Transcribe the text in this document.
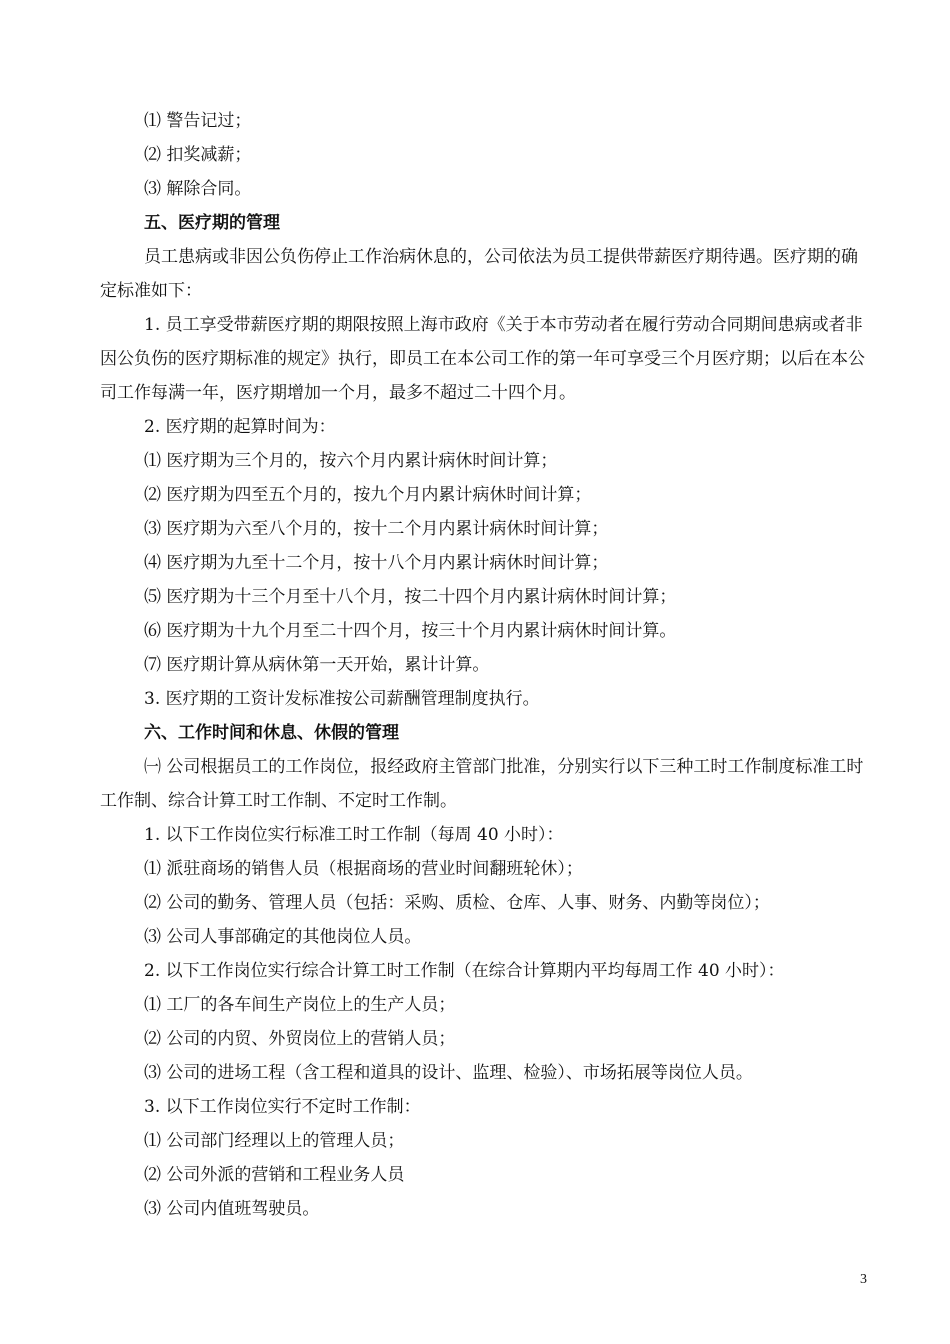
⑴ 警告记过；

⑵ 扣奖减薪；

⑶ 解除合同。

五、医疗期的管理

员工患病或非因公负伤停止工作治病休息的，公司依法为员工提供带薪医疗期待遇。医疗期的确定标准如下：

1. 员工享受带薪医疗期的期限按照上海市政府《关于本市劳动者在履行劳动合同期间患病或者非因公负伤的医疗期标准的规定》执行，即员工在本公司工作的第一年可享受三个月医疗期；以后在本公司工作每满一年，医疗期增加一个月，最多不超过二十四个月。

2. 医疗期的起算时间为：

⑴ 医疗期为三个月的，按六个月内累计病休时间计算；

⑵ 医疗期为四至五个月的，按九个月内累计病休时间计算；

⑶ 医疗期为六至八个月的，按十二个月内累计病休时间计算；

⑷ 医疗期为九至十二个月，按十八个月内累计病休时间计算；

⑸ 医疗期为十三个月至十八个月，按二十四个月内累计病休时间计算；

⑹ 医疗期为十九个月至二十四个月，按三十个月内累计病休时间计算。

⑺ 医疗期计算从病休第一天开始，累计计算。

3. 医疗期的工资计发标准按公司薪酬管理制度执行。

六、工作时间和休息、休假的管理

㈠ 公司根据员工的工作岗位，报经政府主管部门批准，分别实行以下三种工时工作制度标准工时工作制、综合计算工时工作制、不定时工作制。

1. 以下工作岗位实行标准工时工作制（每周 40 小时）：

⑴ 派驻商场的销售人员（根据商场的营业时间翻班轮休）；

⑵ 公司的勤务、管理人员（包括：采购、质检、仓库、人事、财务、内勤等岗位）；

⑶ 公司人事部确定的其他岗位人员。

2. 以下工作岗位实行综合计算工时工作制（在综合计算期内平均每周工作 40 小时）：

⑴ 工厂的各车间生产岗位上的生产人员；

⑵ 公司的内贸、外贸岗位上的营销人员；

⑶ 公司的进场工程（含工程和道具的设计、监理、检验）、市场拓展等岗位人员。

3. 以下工作岗位实行不定时工作制：

⑴ 公司部门经理以上的管理人员；

⑵ 公司外派的营销和工程业务人员

⑶ 公司内值班驾驶员。

3
